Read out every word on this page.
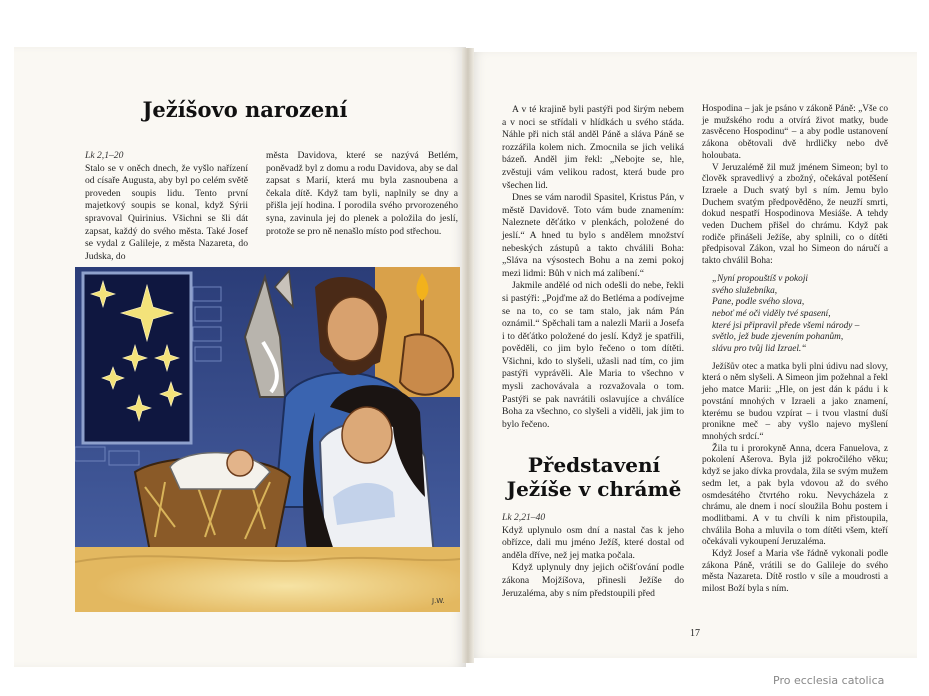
Ježíšovo narození

Lk 2,1–20

Stalo se v oněch dnech, že vyšlo nařízení od císaře Augusta, aby byl po celém světě proveden soupis lidu. Tento první majetkový soupis se konal, když Sýrii spravoval Quirinius. Všichni se šli dát zapsat, každý do svého města. Také Josef se vydal z Galileje, z města Nazareta, do Judska, do

města Davidova, které se nazývá Betlém, poněvadž byl z domu a rodu Davidova, aby se dal zapsat s Marií, která mu byla zasnoubena a čekala dítě. Když tam byli, naplnily se dny a přišla její hodina. I porodila svého prvorozeného syna, zavinula jej do plenek a položila do jeslí, protože se pro ně nenašlo místo pod střechou.

J.W.

A v té krajině byli pastýři pod širým nebem a v noci se střídali v hlídkách u svého stáda. Náhle při nich stál anděl Páně a sláva Páně se rozzářila kolem nich. Zmocnila se jich veliká bázeň. Anděl jim řekl: „Nebojte se, hle, zvěstuji vám velikou radost, která bude pro všechen lid.

Dnes se vám narodil Spasitel, Kristus Pán, v městě Davidově. Toto vám bude znamením: Naleznete děťátko v plenkách, položené do jeslí.“ A hned tu bylo s andělem množství nebeských zástupů a takto chválili Boha: „Sláva na výsostech Bohu a na zemi pokoj mezi lidmi: Bůh v nich má zalíbení.“

Jakmile andělé od nich odešli do nebe, řekli si pastýři: „Pojďme až do Betléma a podívejme se na to, co se tam stalo, jak nám Pán oznámil.“ Spěchali tam a nalezli Marii a Josefa i to děťátko položené do jeslí. Když je spatřili, pověděli, co jim bylo řečeno o tom dítěti. Všichni, kdo to slyšeli, užasli nad tím, co jim pastýři vyprávěli. Ale Maria to všechno v mysli zachovávala a rozvažovala o tom. Pastýři se pak navrátili oslavujíce a chválíce Boha za všechno, co slyšeli a viděli, jak jim to bylo řečeno.

Představení
Ježíše v chrámě

Lk 2,21–40

Když uplynulo osm dní a nastal čas k jeho obřízce, dali mu jméno Ježíš, které dostal od anděla dříve, než jej matka počala.

Když uplynuly dny jejich očišťování podle zákona Mojžíšova, přinesli Ježíše do Jeruzaléma, aby s ním předstoupili před

Hospodina – jak je psáno v zákoně Páně: „Vše co je mužského rodu a otvírá život matky, bude zasvěceno Hospodinu“ – a aby podle ustanovení zákona obětovali dvě hrdličky nebo dvě holoubata.

V Jeruzalémě žil muž jménem Simeon; byl to člověk spravedlivý a zbožný, očekával potěšení Izraele a Duch svatý byl s ním. Jemu bylo Duchem svatým předpověděno, že neuzří smrti, dokud nespatří Hospodinova Mesiáše. A tehdy veden Duchem přišel do chrámu. Když pak rodiče přinášeli Ježíše, aby splnili, co o dítěti předpisoval Zákon, vzal ho Simeon do náručí a takto chválil Boha:

„Nyní propouštíš v pokoji
svého služebníka,
Pane, podle svého slova,
neboť mé oči viděly tvé spasení,
které jsi připravil přede všemi národy –
světlo, jež bude zjevením pohanům,
slávu pro tvůj lid Izrael.“

Ježíšův otec a matka byli plni údivu nad slovy, která o něm slyšeli. A Simeon jim požehnal a řekl jeho matce Marii: „Hle, on jest dán k pádu i k povstání mnohých v Izraeli a jako znamení, kterému se budou vzpírat – i tvou vlastní duší pronikne meč – aby vyšlo najevo myšlení mnohých srdcí.“

Žila tu i prorokyně Anna, dcera Fanuelova, z pokolení Ašerova. Byla již pokročilého věku; když se jako dívka provdala, žila se svým mužem sedm let, a pak byla vdovou až do svého osmdesátého čtvrtého roku. Nevycházela z chrámu, ale dnem i nocí sloužila Bohu postem i modlitbami. A v tu chvíli k nim přistoupila, chválila Boha a mluvila o tom dítěti všem, kteří očekávali vykoupení Jeruzaléma.

Když Josef a Maria vše řádně vykonali podle zákona Páně, vrátili se do Galileje do svého města Nazareta. Dítě rostlo v síle a moudrosti a milost Boží byla s ním.

17
Pro ecclesia catolica
